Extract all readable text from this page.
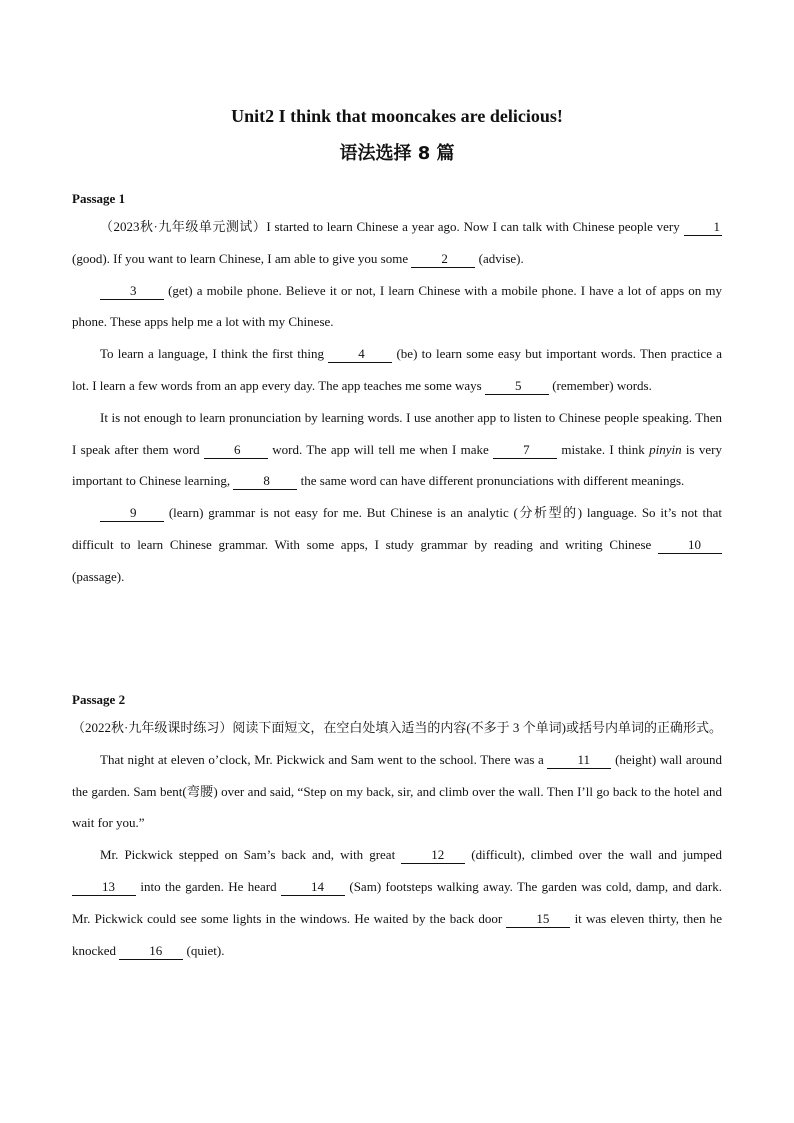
Unit2 I think that mooncakes are delicious!
语法选择 8 篇
Passage 1

（2023秋·九年级单元测试）I started to learn Chinese a year ago. Now I can talk with Chinese people very 1 (good). If you want to learn Chinese, I am able to give you some 2 (advise).

3 (get) a mobile phone. Believe it or not, I learn Chinese with a mobile phone. I have a lot of apps on my phone. These apps help me a lot with my Chinese.

To learn a language, I think the first thing 4 (be) to learn some easy but important words. Then practice a lot. I learn a few words from an app every day. The app teaches me some ways 5 (remember) words.

It is not enough to learn pronunciation by learning words. I use another app to listen to Chinese people speaking. Then I speak after them word 6 word. The app will tell me when I make 7 mistake. I think pinyin is very important to Chinese learning, 8 the same word can have different pronunciations with different meanings.

9 (learn) grammar is not easy for me. But Chinese is an analytic (分析型的) language. So it’s not that difficult to learn Chinese grammar. With some apps, I study grammar by reading and writing Chinese 10 (passage).

Passage 2

（2022秋·九年级课时练习）阅读下面短文，在空白处填入适当的内容(不多于 3 个单词)或括号内单词的正确形式。

That night at eleven o’clock, Mr. Pickwick and Sam went to the school. There was a 11 (height) wall around the garden. Sam bent(弯腰) over and said, “Step on my back, sir, and climb over the wall. Then I’ll go back to the hotel and wait for you.”

Mr. Pickwick stepped on Sam’s back and, with great 12 (difficult), climbed over the wall and jumped 13 into the garden. He heard 14 (Sam) footsteps walking away. The garden was cold, damp, and dark. Mr. Pickwick could see some lights in the windows. He waited by the back door 15 it was eleven thirty, then he knocked 16 (quiet).
